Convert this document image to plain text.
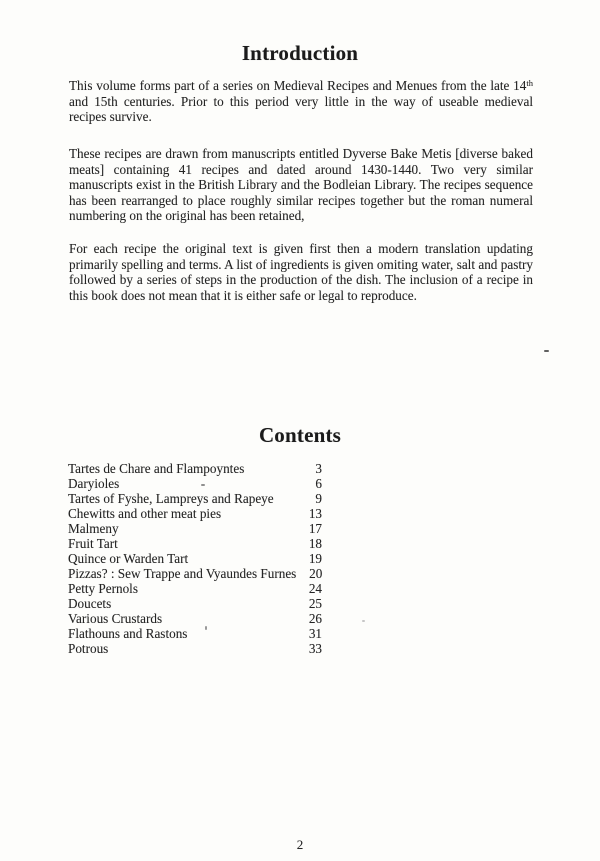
Introduction
This volume forms part of a series on Medieval Recipes and Menues from the late 14th and 15th centuries. Prior to this period very little in the way of useable medieval recipes survive.
These recipes are drawn from manuscripts entitled Dyverse Bake Metis [diverse baked meats] containing 41 recipes and dated around 1430-1440. Two very similar manuscripts exist in the British Library and the Bodleian Library. The recipes sequence has been rearranged to place roughly similar recipes together but the roman numeral numbering on the original has been retained,
For each recipe the original text is given first then a modern translation updating primarily spelling and terms. A list of ingredients is given omiting water, salt and pastry followed by a series of steps in the production of the dish. The inclusion of a recipe in this book does not mean that it is either safe or legal to reproduce.
Contents
Tartes de Chare and Flampoyntes	3
Daryioles	6
Tartes of Fyshe, Lampreys and Rapeye	9
Chewitts and other meat pies	13
Malmeny	17
Fruit Tart	18
Quince or Warden Tart	19
Pizzas? : Sew Trappe and Vyaundes Furnes 20
Petty Pernols	24
Doucets	25
Various Crustards	26
Flathouns and Rastons	31
Potrous	33
2
